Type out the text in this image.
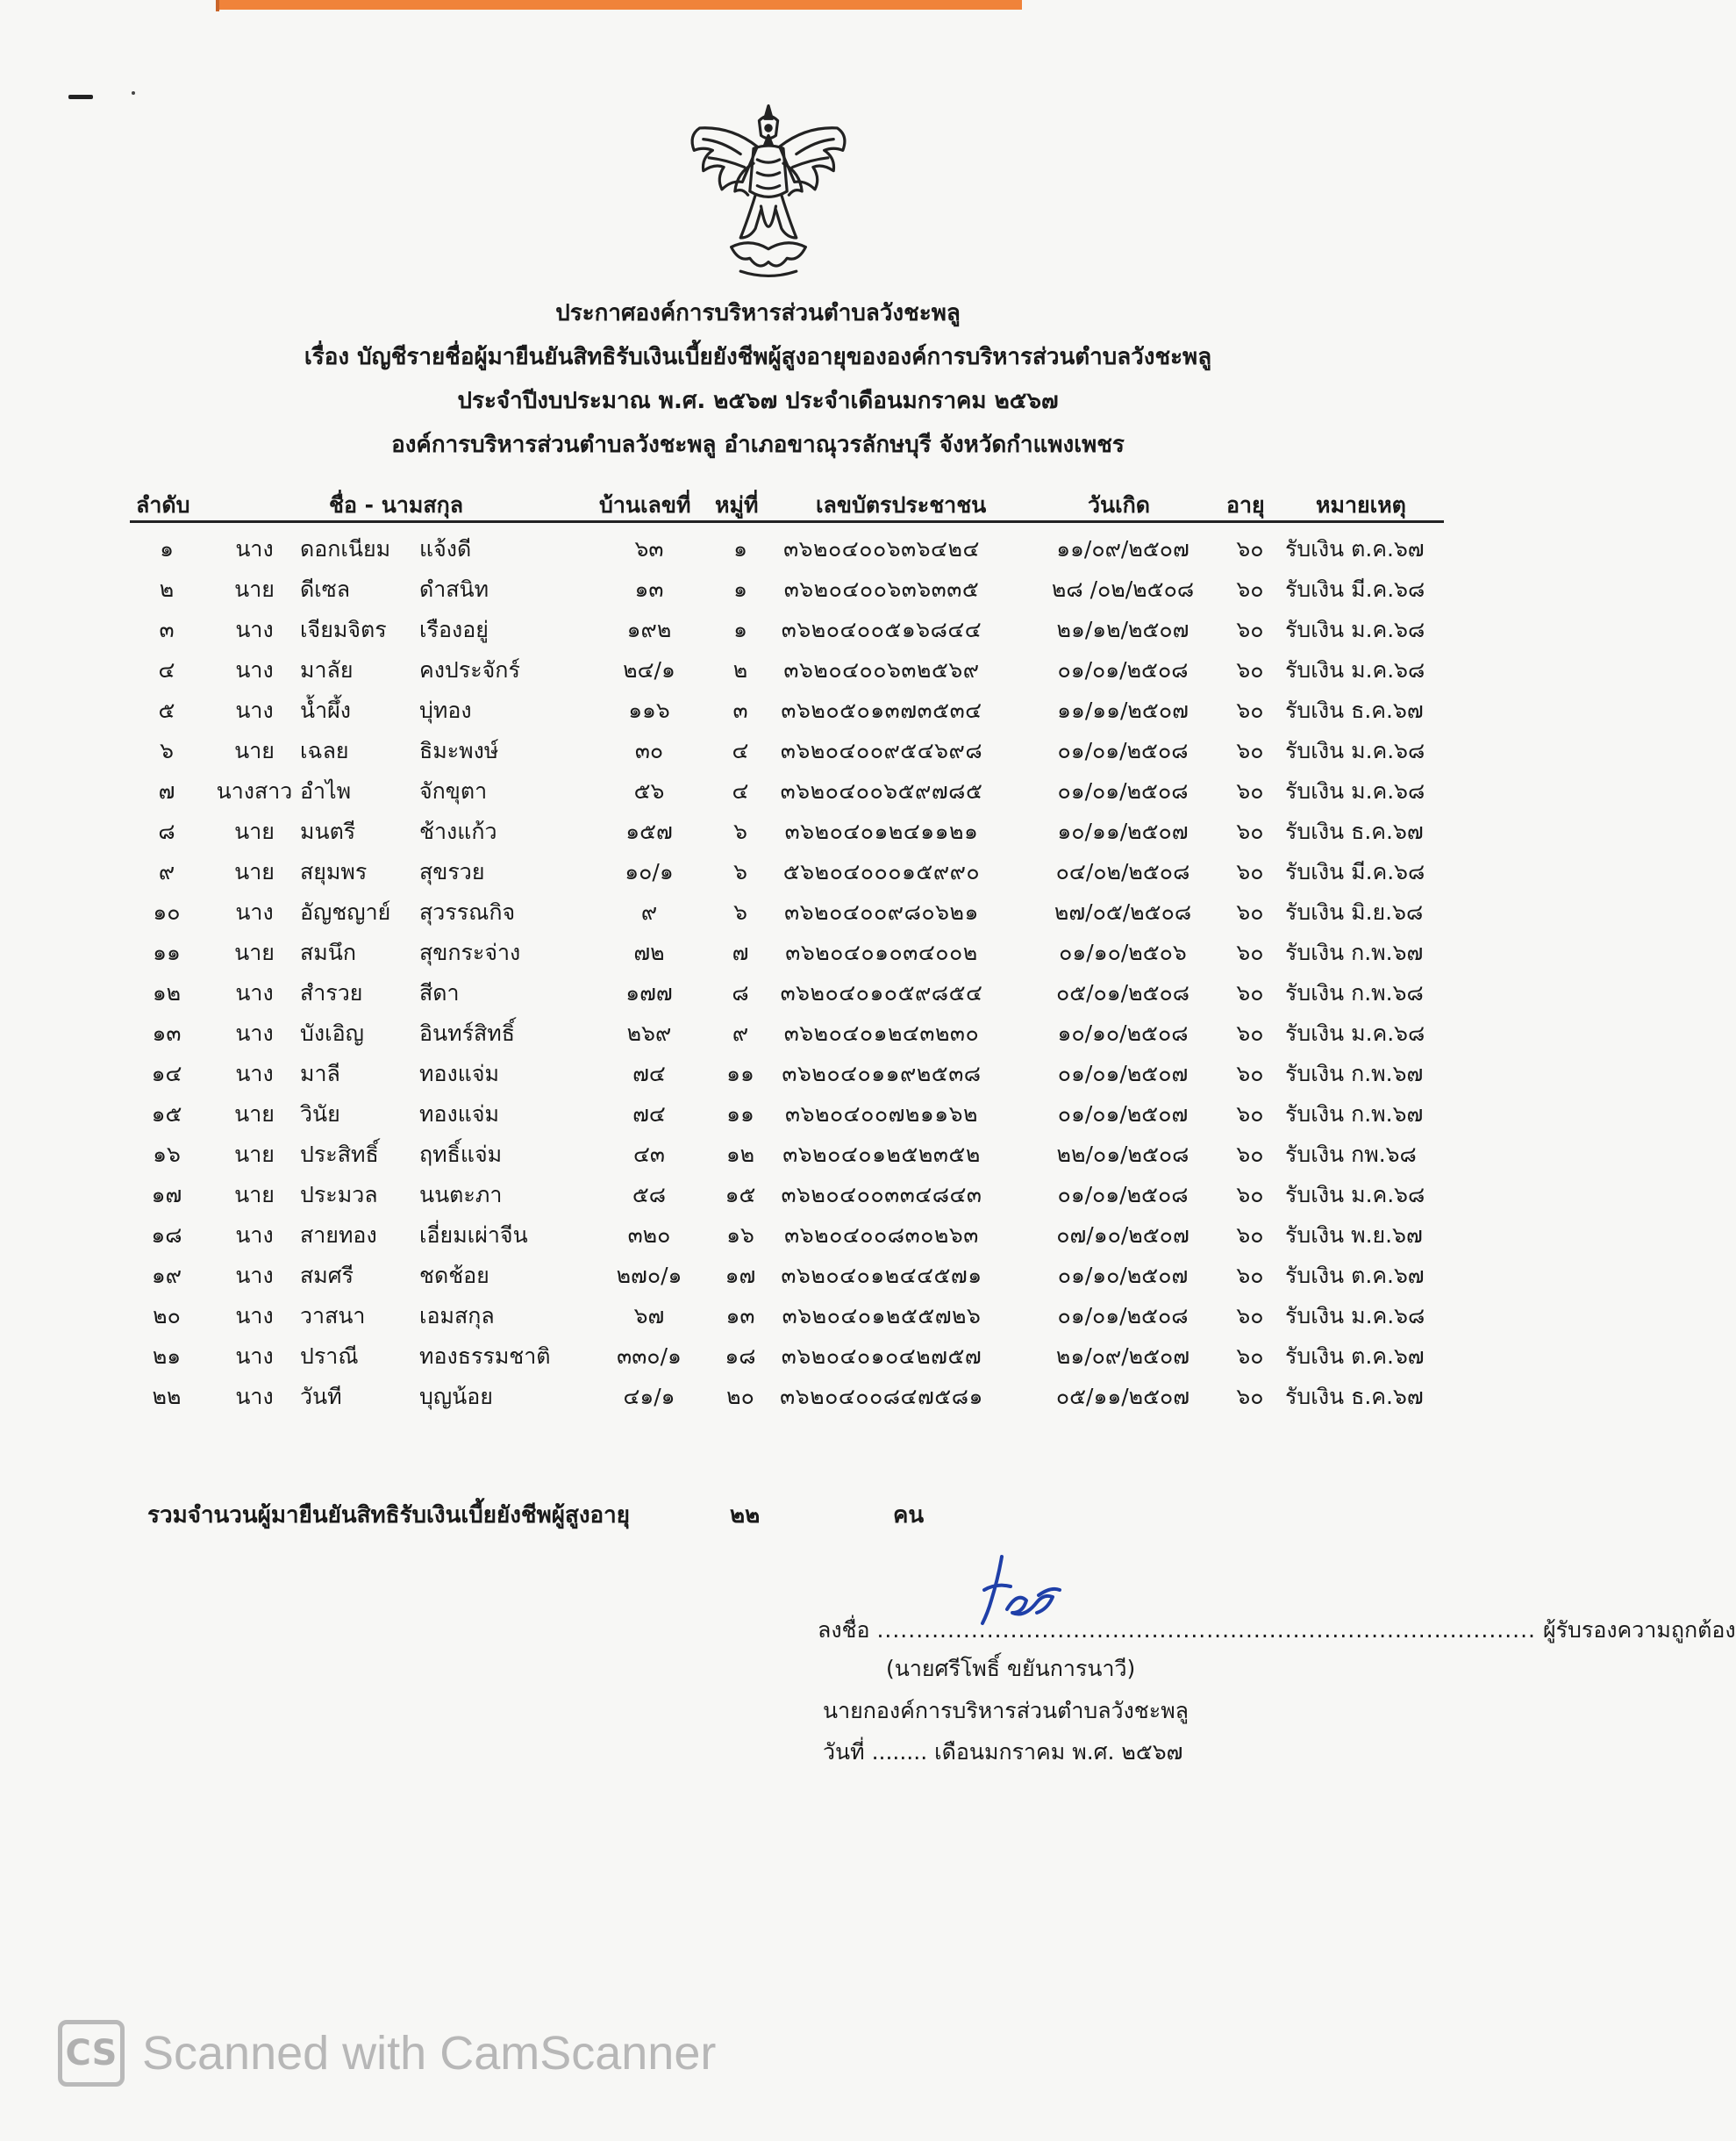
ประกาศองค์การบริหารส่วนตำบลวังชะพลู
เรื่อง บัญชีรายชื่อผู้มายืนยันสิทธิรับเงินเบี้ยยังชีพผู้สูงอายุขององค์การบริหารส่วนตำบลวังชะพลู
ประจำปีงบประมาณ พ.ศ. ๒๕๖๗ ประจำเดือนมกราคม ๒๕๖๗
องค์การบริหารส่วนตำบลวังชะพลู อำเภอขาณุวรลักษบุรี จังหวัดกำแพงเพชร
ลำดับ	ชื่อ - นามสกุล	บ้านเลขที่ หมู่ที่	เลขบัตรประชาชน	วันเกิด	อายุ หมายเหตุ
๑	นาง	ดอกเนียม แจ้งดี	๖๓	๑	๓๖๒๐๔๐๐๖๓๖๔๒๔	๑๑/๐๙/๒๕๐๗	๖๐ รับเงิน ต.ค.๖๗
๒	นาย	ดีเซล	ดำสนิท	๑๓	๑	๓๖๒๐๔๐๐๖๓๖๓๓๕	๒๘ /๐๒/๒๕๐๘	๖๐ รับเงิน มี.ค.๖๘
๓	นาง	เจียมจิตร เรืองอยู่	๑๙๒	๑	๓๖๒๐๔๐๐๕๑๖๘๔๔	๒๑/๑๒/๒๕๐๗	๖๐ รับเงิน ม.ค.๖๘
๔	นาง	มาลัย	คงประจักร์	๒๔/๑	๒	๓๖๒๐๔๐๐๖๓๒๕๖๙	๐๑/๐๑/๒๕๐๘	๖๐ รับเงิน ม.ค.๖๘
๕	นาง	น้ำผึ้ง	บุ่ทอง	๑๑๖	๓	๓๖๒๐๕๐๑๓๗๓๕๓๔	๑๑/๑๑/๒๕๐๗	๖๐ รับเงิน ธ.ค.๖๗
๖	นาย	เฉลย	ธิมะพงษ์	๓๐	๔	๓๖๒๐๔๐๐๙๕๔๖๙๘	๐๑/๐๑/๒๕๐๘	๖๐ รับเงิน ม.ค.๖๘
๗	นางสาว อำไพ	จักขุตา	๕๖	๔	๓๖๒๐๔๐๐๖๕๙๗๘๕	๐๑/๐๑/๒๕๐๘	๖๐ รับเงิน ม.ค.๖๘
๘	นาย	มนตรี	ช้างแก้ว	๑๕๗	๖	๓๖๒๐๔๐๑๒๔๑๑๒๑	๑๐/๑๑/๒๕๐๗	๖๐ รับเงิน ธ.ค.๖๗
๙	นาย	สยุมพร สุขรวย	๑๐/๑	๖	๕๖๒๐๔๐๐๐๑๕๙๙๐	๐๔/๐๒/๒๕๐๘	๖๐ รับเงิน มี.ค.๖๘
๑๐	นาง	อัญชญาย์ สุวรรณกิจ	๙	๖	๓๖๒๐๔๐๐๙๘๐๖๒๑	๒๗/๐๕/๒๕๐๘	๖๐ รับเงิน มิ.ย.๖๘
๑๑	นาย	สมนึก	สุขกระจ่าง	๗๒	๗	๓๖๒๐๔๐๑๐๓๔๐๐๒	๐๑/๑๐/๒๕๐๖	๖๐ รับเงิน ก.พ.๖๗
๑๒	นาง	สำรวย	สีดา	๑๗๗	๘	๓๖๒๐๔๐๑๐๕๙๘๕๔	๐๕/๐๑/๒๕๐๘	๖๐ รับเงิน ก.พ.๖๘
๑๓	นาง	บังเอิญ	อินทร์สิทธิ์	๒๖๙	๙	๓๖๒๐๔๐๑๒๔๓๒๓๐	๑๐/๑๐/๒๕๐๘	๖๐ รับเงิน ม.ค.๖๘
๑๔	นาง	มาลี	ทองแจ่ม	๗๔	๑๑	๓๖๒๐๔๐๑๑๙๒๕๓๘	๐๑/๐๑/๒๕๐๗	๖๐ รับเงิน ก.พ.๖๗
๑๕	นาย	วินัย	ทองแจ่ม	๗๔	๑๑	๓๖๒๐๔๐๐๗๒๑๑๖๒	๐๑/๐๑/๒๕๐๗	๖๐ รับเงิน ก.พ.๖๗
๑๖	นาย	ประสิทธิ์ ฤทธิ์แจ่ม	๔๓	๑๒	๓๖๒๐๔๐๑๒๕๒๓๕๒	๒๒/๐๑/๒๕๐๘	๖๐ รับเงิน กพ.๖๘
๑๗	นาย	ประมวล นนตะภา	๕๘	๑๕	๓๖๒๐๔๐๐๓๓๔๘๔๓	๐๑/๐๑/๒๕๐๘	๖๐ รับเงิน ม.ค.๖๘
๑๘	นาง	สายทอง เอี่ยมเผ่าจีน	๓๒๐	๑๖	๓๖๒๐๔๐๐๘๓๐๒๖๓	๐๗/๑๐/๒๕๐๗	๖๐ รับเงิน พ.ย.๖๗
๑๙	นาง	สมศรี	ชดช้อย	๒๗๐/๑	๑๗	๓๖๒๐๔๐๑๒๔๔๕๗๑	๐๑/๑๐/๒๕๐๗	๖๐ รับเงิน ต.ค.๖๗
๒๐	นาง	วาสนา เอมสกุล	๖๗	๑๓	๓๖๒๐๔๐๑๒๕๕๗๒๖	๐๑/๐๑/๒๕๐๘	๖๐ รับเงิน ม.ค.๖๘
๒๑	นาง	ปราณี	ทองธรรมชาติ	๓๓๐/๑	๑๘	๓๖๒๐๔๐๑๐๔๒๗๕๗	๒๑/๐๙/๒๕๐๗	๖๐ รับเงิน ต.ค.๖๗
๒๒	นาง	วันที	บุญน้อย	๔๑/๑	๒๐	๓๖๒๐๔๐๐๘๔๗๕๘๑	๐๕/๑๑/๒๕๐๗	๖๐ รับเงิน ธ.ค.๖๗
รวมจำนวนผู้มายืนยันสิทธิรับเงินเบี้ยยังชีพผู้สูงอายุ	๒๒	คน
ลงชื่อ .................................................................................... ผู้รับรองความถูกต้อง
(นายศรีโพธิ์ ขยันการนาวี)
นายกองค์การบริหารส่วนตำบลวังชะพลู
วันที่ ........ เดือนมกราคม พ.ศ. ๒๕๖๗
CS Scanned with CamScanner
